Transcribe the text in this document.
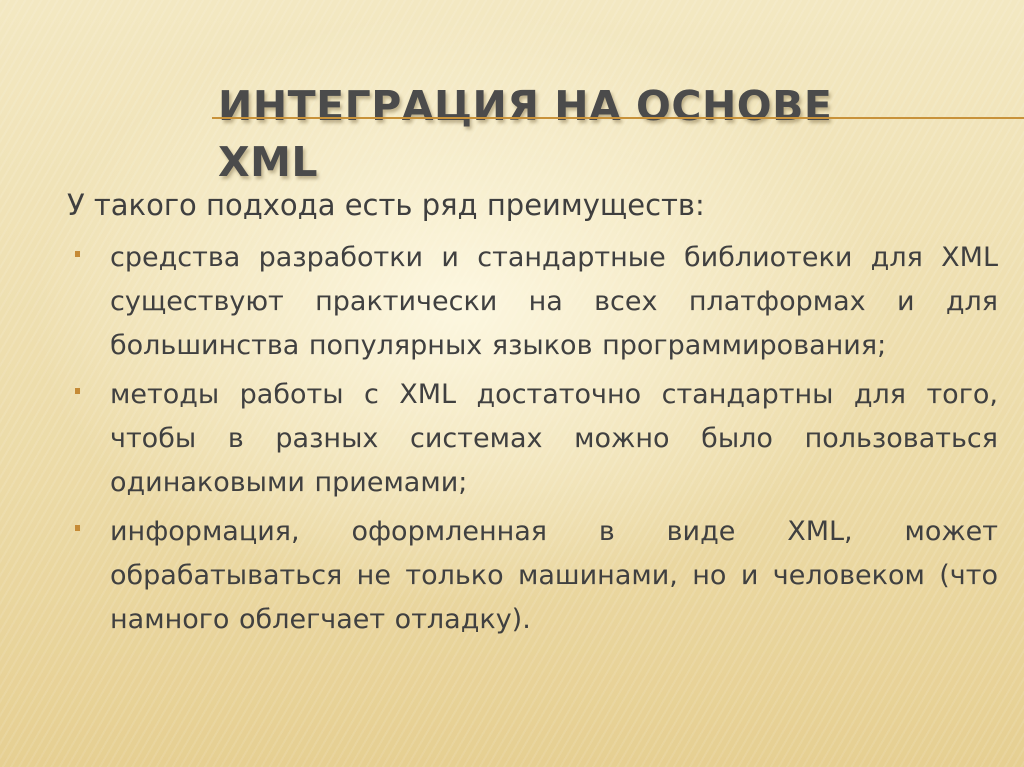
ИНТЕГРАЦИЯ НА ОСНОВЕ XML

У такого подхода есть ряд преимуществ:

средства разработки и стандартные библиотеки для XML существуют практически на всех платформах и для большинства популярных языков программирования;
методы работы с XML достаточно стандартны для того, чтобы в разных системах можно было пользоваться одинаковыми приемами;
информация, оформленная в виде XML, может обрабатываться не только машинами, но и человеком (что намного облегчает отладку).
